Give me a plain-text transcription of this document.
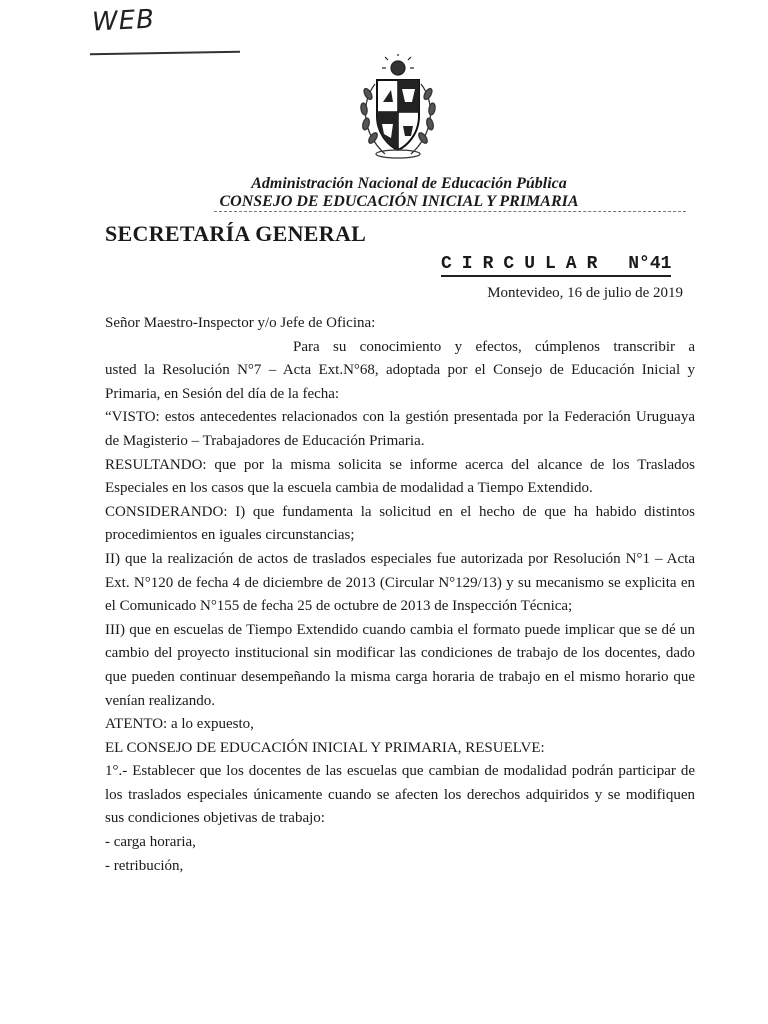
WEB
Administración Nacional de Educación Pública
CONSEJO DE EDUCACIÓN INICIAL Y PRIMARIA
SECRETARÍA GENERAL
CIRCULAR N°41
Montevideo, 16 de julio de 2019

Señor Maestro-Inspector y/o Jefe de Oficina:

Para su conocimiento y efectos, cúmplenos transcribir a

usted la Resolución N°7 – Acta Ext.N°68, adoptada por el Consejo de Educación Inicial y Primaria, en Sesión del día de la fecha:

“VISTO: estos antecedentes relacionados con la gestión presentada por la Federación Uruguaya de Magisterio – Trabajadores de Educación Primaria.

RESULTANDO: que por la misma solicita se informe acerca del alcance de los Traslados Especiales en los casos que la escuela cambia de modalidad a Tiempo Extendido.

CONSIDERANDO: I) que fundamenta la solicitud en el hecho de que ha habido distintos procedimientos en iguales circunstancias;

II) que la realización de actos de traslados especiales fue autorizada por Resolución N°1 – Acta Ext. N°120 de fecha 4 de diciembre de 2013 (Circular N°129/13) y su mecanismo se explicita en el Comunicado N°155 de fecha 25 de octubre de 2013 de Inspección Técnica;

III) que en escuelas de Tiempo Extendido cuando cambia el formato puede implicar que se dé un cambio del proyecto institucional sin modificar las condiciones de trabajo de los docentes, dado que pueden continuar desempeñando la misma carga horaria de trabajo en el mismo horario que venían realizando.

ATENTO: a lo expuesto,

EL CONSEJO DE EDUCACIÓN INICIAL Y PRIMARIA, RESUELVE:

1°.- Establecer que los docentes de las escuelas que cambian de modalidad podrán participar de los traslados especiales únicamente cuando se afecten los derechos adquiridos y se modifiquen sus condiciones objetivas de trabajo:

- carga horaria,

- retribución,
